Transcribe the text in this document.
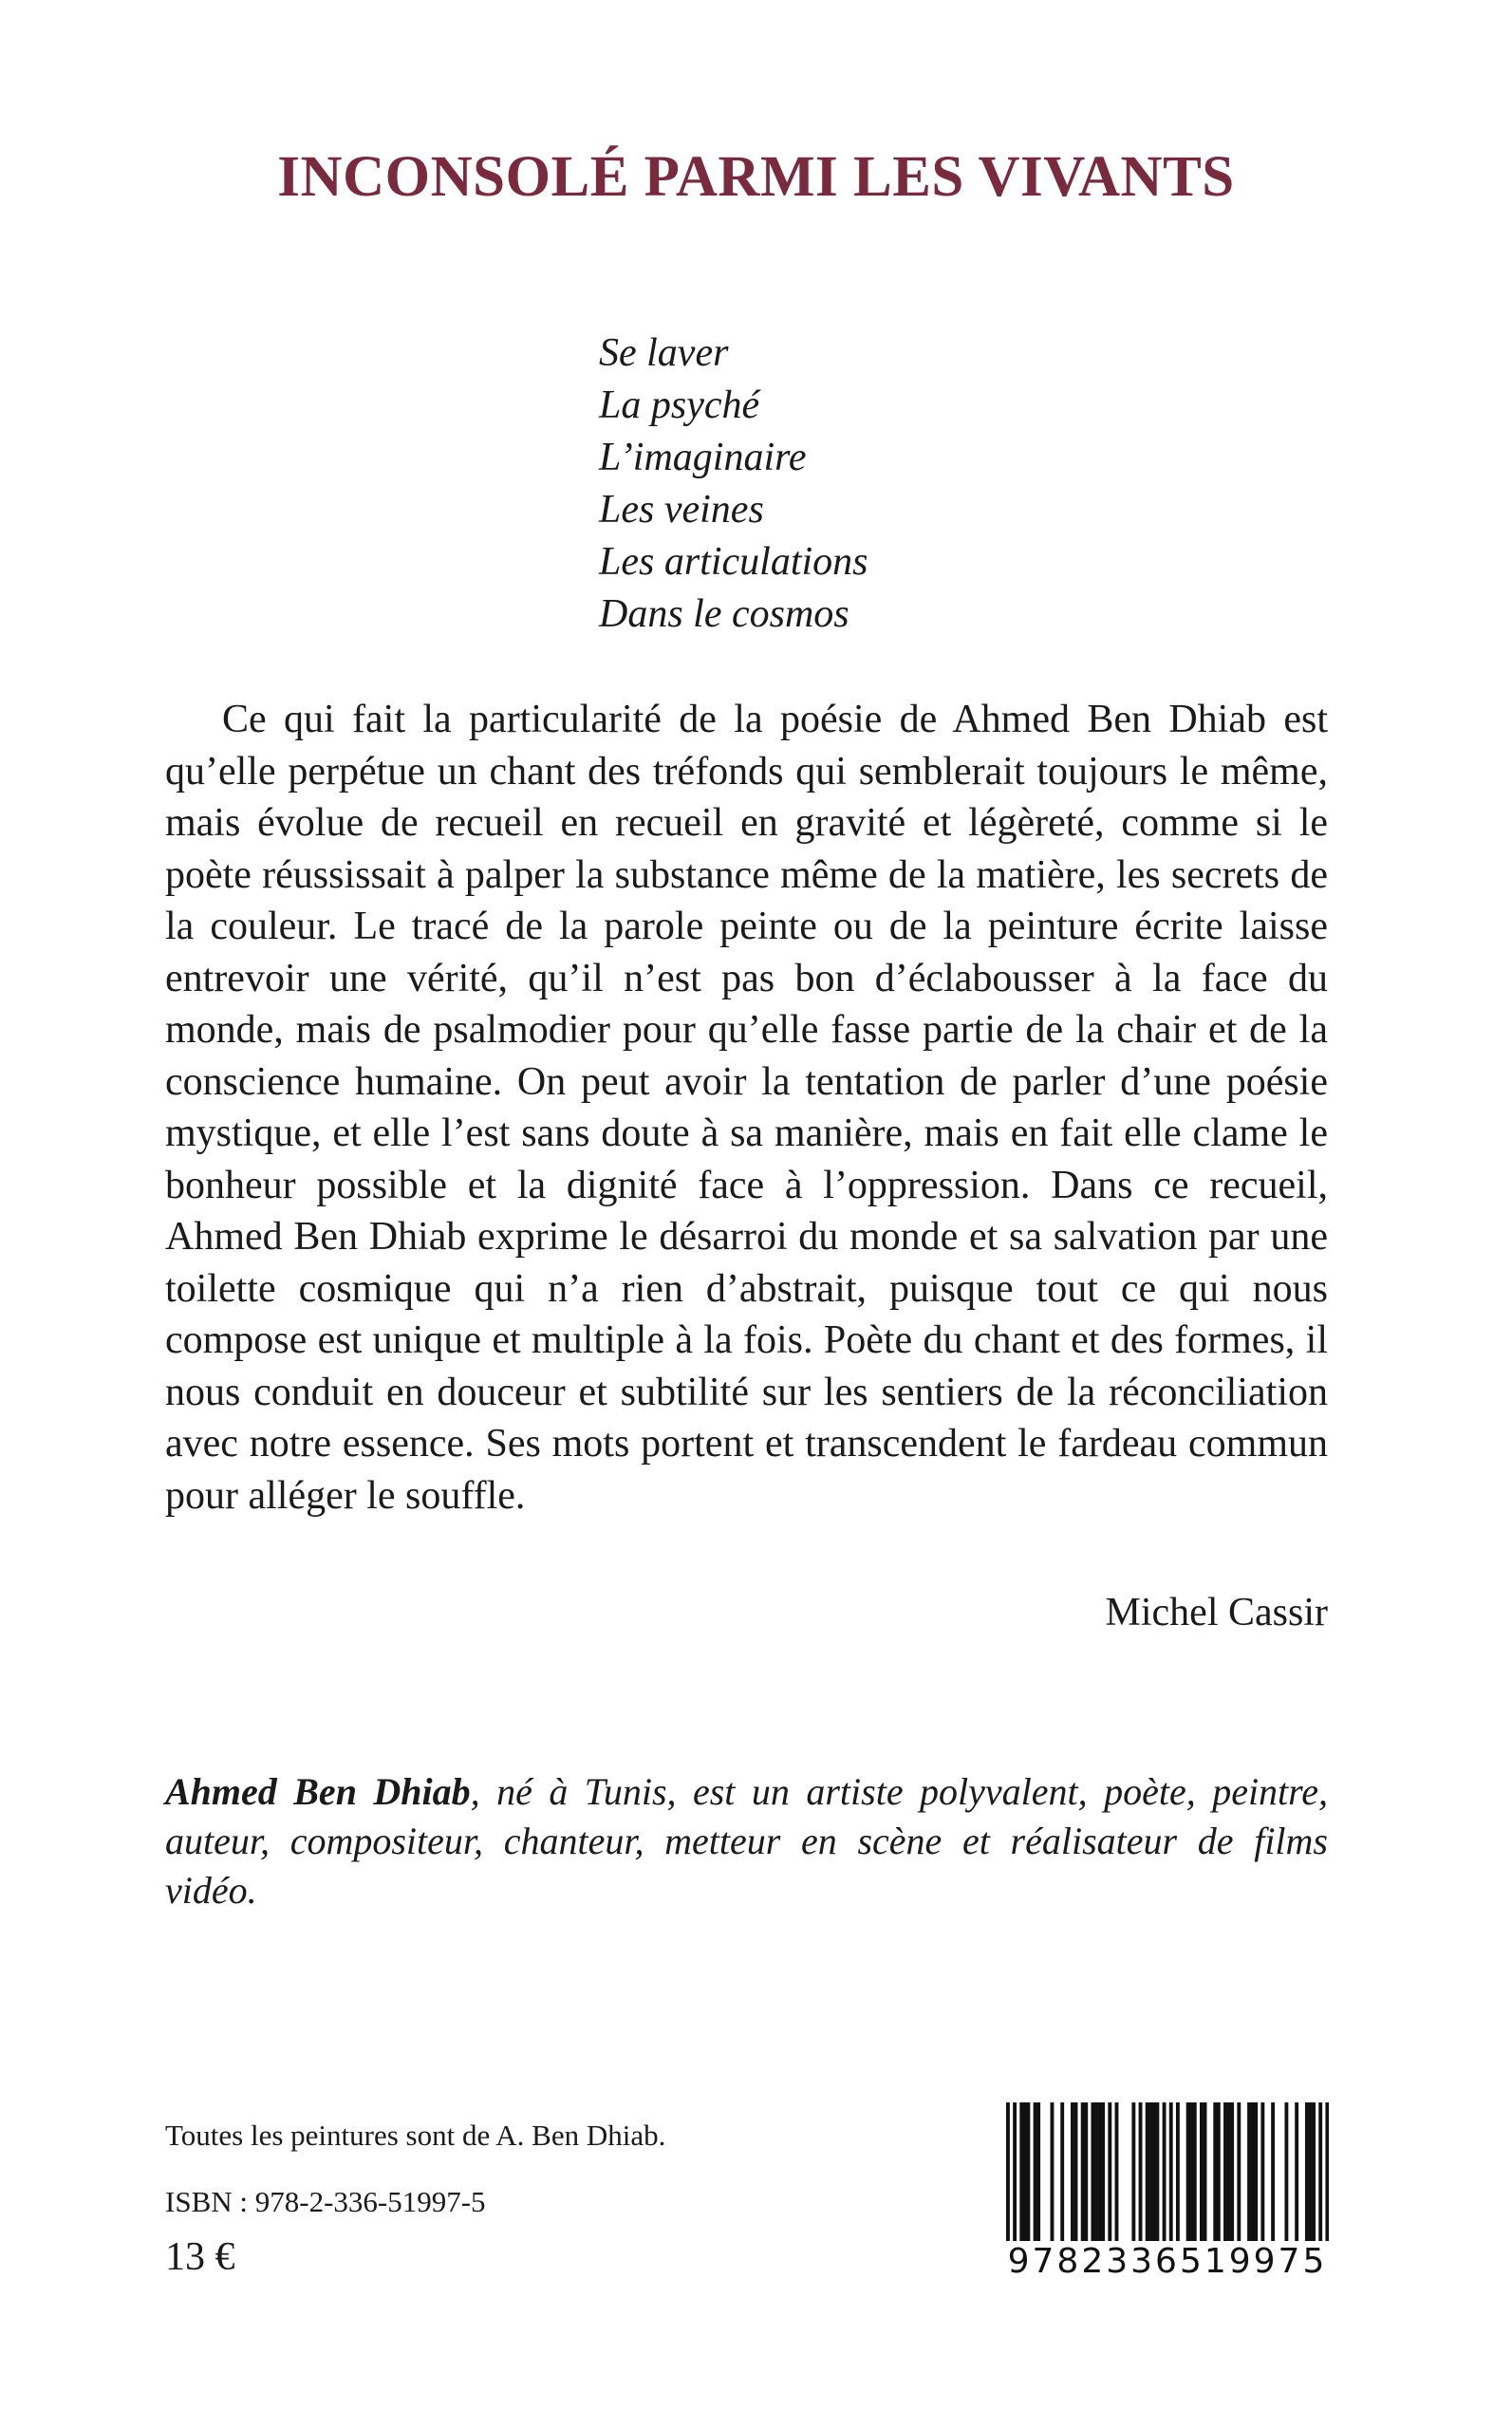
INCONSOLÉ PARMI LES VIVANTS
Se laver
La psyché
L’imaginaire
Les veines
Les articulations
Dans le cosmos

Ce qui fait la particularité de la poésie de Ahmed Ben Dhiab est qu’elle perpétue un chant des tréfonds qui semblerait toujours le même, mais évolue de recueil en recueil en gravité et légèreté, comme si le poète réussissait à palper la substance même de la matière, les secrets de la couleur. Le tracé de la parole peinte ou de la peinture écrite laisse entrevoir une vérité, qu’il n’est pas bon d’éclabousser à la face du monde, mais de psalmodier pour qu’elle fasse partie de la chair et de la conscience humaine. On peut avoir la tentation de parler d’une poésie mystique, et elle l’est sans doute à sa manière, mais en fait elle clame le bonheur possible et la dignité face à l’oppression. Dans ce recueil, Ahmed Ben Dhiab exprime le désarroi du monde et sa salvation par une toilette cosmique qui n’a rien d’abstrait, puisque tout ce qui nous compose est unique et multiple à la fois. Poète du chant et des formes, il nous conduit en douceur et subtilité sur les sentiers de la réconciliation avec notre essence. Ses mots portent et transcendent le fardeau commun pour alléger le souffle.

Michel Cassir

Ahmed Ben Dhiab, né à Tunis, est un artiste polyvalent, poète, peintre, auteur, compositeur, chanteur, metteur en scène et réalisateur de films vidéo.

Toutes les peintures sont de A. Ben Dhiab.

ISBN : 978-2-336-51997-5

13 €	9782336519975
